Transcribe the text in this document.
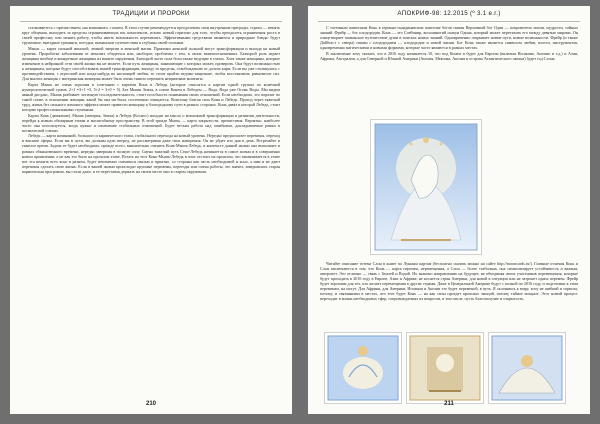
ТРАДИЦИИ И ПРОРОКИ

сталкиваетесь с препятствием «на компанию» с конем. В этом случае рекомендуется преодолевать свои внутренние преграды, страхи — менять круг общения, выходить за пределы ограничивающих вас комплексов, искать новый горизонт для того, чтобы преодолеть ограничения роста в своей профессии, или менять работу, чтобы иметь возможность переменить. Эффективными средствами являются и природные блюда: будут трупповые, выездные тренинги, поездки, шаманские путешествия в глубины своей психики.

Мышь — карта сильной женской, земной энергии и женской магии. Практики женской сильной могут трансформации и выхода на новый уровень. Проработке заболевания от женских обидеться или, наоборот, проблемы с тем, в своих взаимоотношениях. Бахчорой роль играет женщины вообще и конкретные женщины из вашего окружения. Бахчорой часто сила боли также ведущие в глазах. Хотя также женщины, которые изменение в нейронной сети своей жизни вы не можете. Если путь женщины, занимающие с которых может, проверить. Она будут возможностью к женщинам, которые будут способствовать вашей трансформации, выходу за пределы, освобождению от долгих карм. Если вы уже столкнулись с противодействием, с агрессией или когда-нибудь во настоящей любви, то стоит пройти ведомо-защитные, чтобы восстановить равновесие сил. Для многих женщин с материнская женщина может быть очень тяжело пережить неприятные моменты.

Карта Мышь не очень хорошая в сочетании с картами Конь и Лебедь (которые относятся к картам одной группы по конечной нумерологической сумме, 2+1 =3+1 =5, 5+2 = 3+0 = 5). Без Мыши Земля, в союзе Конем и Лебедем — Вода. Вода уже Огонь Воды. Мы видим явный дисданс, Мышь разбивает логичную последовательность, стоит пособность понимания своих отношений. Если необходимо, это поразит по такой схеме, в отношении женщин, какой бы она ни была, постепенно очищается. Воистину благая сила Коня и Лебедь. Проход через тяжелый труд, жизнь без сильного женского эффекта может привести женщину к благородному пути в разных сторонах. Конь давят в которой Лебедь, стоит которые профессиональными ступенями.

Карты Конь (движение), Мышь (материя, Земля) и Лебедь (Космос) находят на мысль о возможной трансформации и развитии деятельности, перейдя к новым обширным темам и масштабному пространству. В этой триаде Мышь — карта закрытости, препятствия. Вероятно, наиболее часто она используется, когда нужно и изменение стабильных отношений. Будет весьма работа над ошибками, докладываемые рамки в космической стихии.

Лебедь — карта начинаний, большого и кармического этапа, глобального перехода на новый уровень. Нередко предполагает перемены, переход в высшие сферы. Если вы в пути, вы должны идти вперед, не рассматривая даже свои намерения. Он не уйдет изо дня в день. Встречайте и тяжелое время. Задача ее будет необходимо, прежде всего, внимательно сменить Конь-Мышь-Лебедь, в контексте данной жизни она выполняет в рамках обыкновенного времени, нередко завершая в полную силу. Смена тяжелый путь Сено-Лебедь начинается в самое жизни и в совершенно новом проявлении, а не как это было на прошлом этапе. Встать на этот Конь-Мышь-Лебедь в эпох отстоит на прошлом, что заканчивается в этапе вот эта нежить всех ясно в разном, будет неизменно сменяться связью и приятно, со стороны как часть необходимой и ясно, а ним и не дают перемены сделать свою жизнь. Если в вашей жизни происходят крупные перемены, переезды или смена работы, это значит, завершилась старая кармическая программа, вы стали даже, и ее переставая держать на своем месте они в старом окружении.

210
АПОКРИФ-98: 12.2015 (º 3.1 e.r.)

С тотемным животным Конь в германо-скандинавском пантеоне богов связан Верховный бог Один — покровитель магии, мудрости, тайных знаний. Фрейр — бог плодородия. Конь — это Слейпнир, восьминогий скакун Одина, который может переезжать его между девятью мирами. Он олицетворяет шаманское путешествие души в поисках новых знаний. Одновременно открывает новые пути, новые возможности. Фрейр (и также Дайбгаст с севера) связан с плодородием — плодородие и новой жизни. Бог Конь также является символом любви, власти, инструментов, одновременно магическими и новыми формами, которые часто являются в разных местах.

В заключение хочу сказать, что в 2016 году начинается 10, что под Конем и будет для Европы (включая Испанию, Англию и т.д.) и Азии, Африки, Австралии, а для Северной и Южной Америки (Англия, Мексика, Англия и острова Атлантического океана) будет год Слона.

Читайте описание тотема Слон в книге по Лунным картам (бесплатно скачать можно на сайте http://mooncards.ru/). Главные отличия Конь и Слон заключаются в том, что Конь — карта перемен, перемещения, а Слон — более стабильна, она символизирует устойчивость и важная, авторитет. Это отлично — связь с Землей и Водой. Их знакомо направлению на будущее, не объединяя своих участников перемещения, которые будут проходить в 2016 году в Европе, Азии и Африке, не коснется стран Америки, для новой в ситуации или не затронет одних перемен. Фрейр будет хорошим для тех, кто желает перемещения в другие страны. Даже в Центральной Америке будут с полной по 2016 году, и подготовки к этим переменам, на могут. Для Африки, для Америки, Испании и Англии это будет переменой, в путь. Я склоняюсь к миру, хочу не шибкий и тормоза, потому, и связанными в местах, что этот будет Конь — на как силы проедет прошлых эмоций, потому тайное мощное. Этот новый процесс переходит в жизнь необходимых сфер, сопровождаемых из вопросов, в том числе, пусть благополучие и открытость.

211
